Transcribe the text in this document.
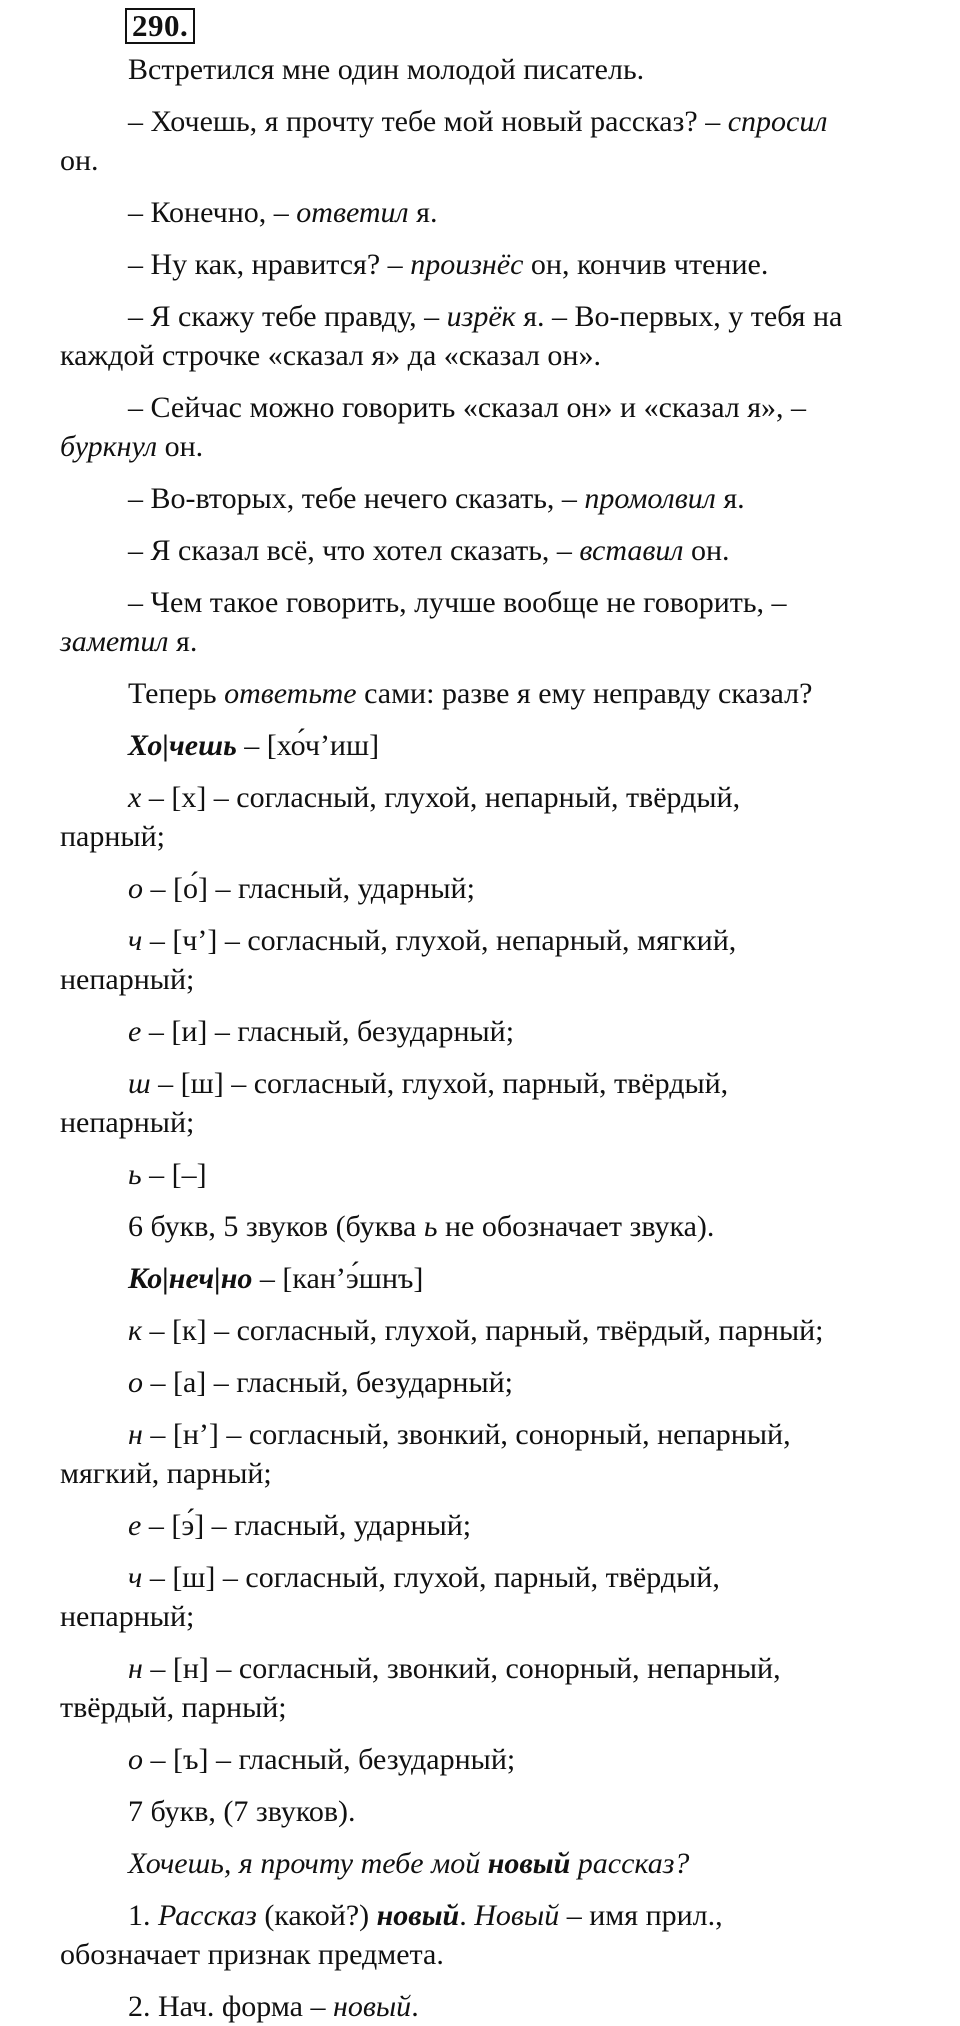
290.

Встретился мне один молодой писатель.

– Хочешь, я прочту тебе мой новый рассказ? – спросил

он.

– Конечно, – ответил я.

– Ну как, нравится? – произнёс он, кончив чтение.

– Я скажу тебе правду, – изрёк я. – Во-первых, у тебя на

каждой строчке «сказал я» да «сказал он».

– Сейчас можно говорить «сказал он» и «сказал я», –

буркнул он.

– Во-вторых, тебе нечего сказать, – промолвил я.

– Я сказал всё, что хотел сказать, – вставил он.

– Чем такое говорить, лучше вообще не говорить, –

заметил я.

Теперь ответьте сами: разве я ему неправду сказал?

Хо|чешь – [хо́ч’иш]

х – [х] – согласный, глухой, непарный, твёрдый,

парный;

о – [о́] – гласный, ударный;

ч – [ч’] – согласный, глухой, непарный, мягкий,

непарный;

е – [и] – гласный, безударный;

ш – [ш] – согласный, глухой, парный, твёрдый,

непарный;

ь – [–]

6 букв, 5 звуков (буква ь не обозначает звука).

Ко|неч|но – [кан’э́шнъ]

к – [к] – согласный, глухой, парный, твёрдый, парный;

о – [а] – гласный, безударный;

н – [н’] – согласный, звонкий, сонорный, непарный,

мягкий, парный;

е – [э́] – гласный, ударный;

ч – [ш] – согласный, глухой, парный, твёрдый,

непарный;

н – [н] – согласный, звонкий, сонорный, непарный,

твёрдый, парный;

о – [ъ] – гласный, безударный;

7 букв, (7 звуков).

Хочешь, я прочту тебе мой новый рассказ?

1. Рассказ (какой?) новый. Новый – имя прил.,

обозначает признак предмета.

2. Нач. форма – новый.
